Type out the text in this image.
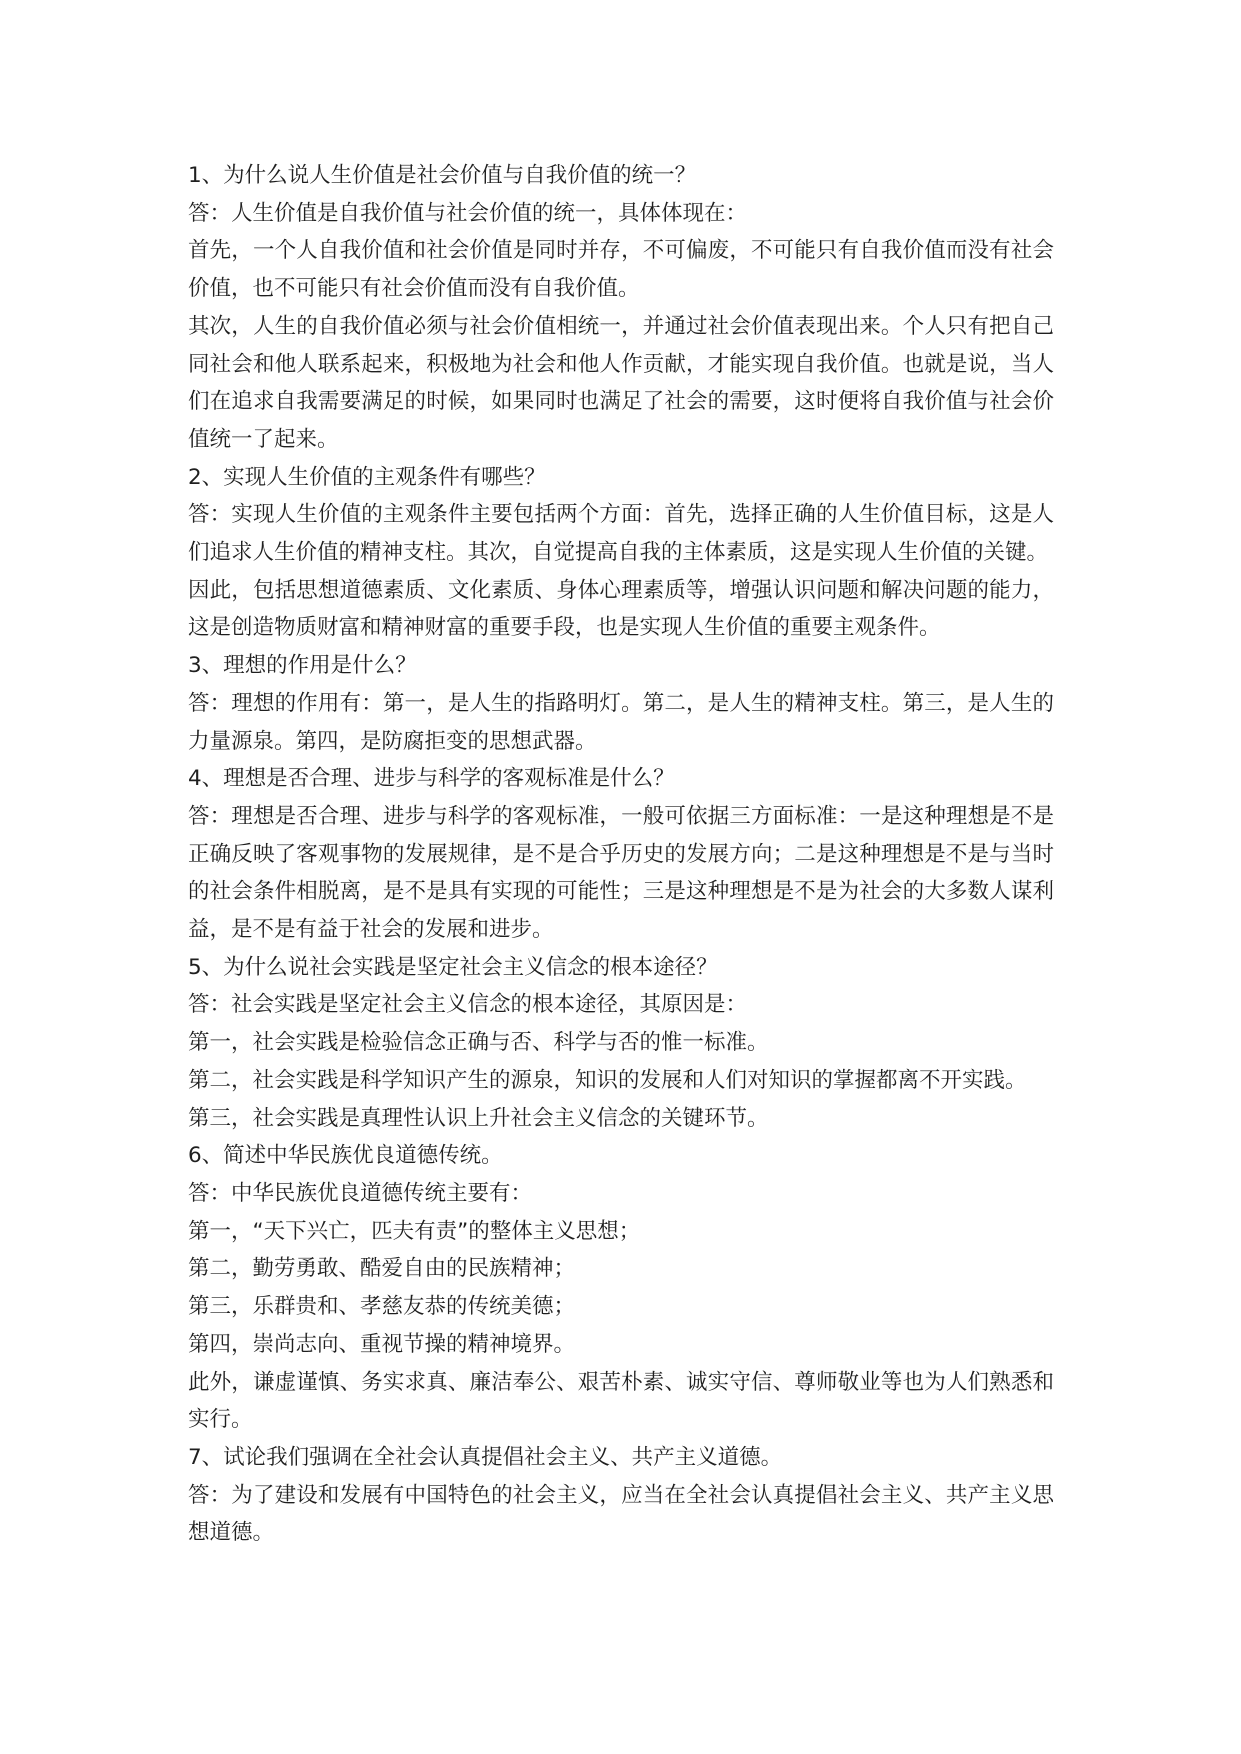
1、为什么说人生价值是社会价值与自我价值的统一？

答：人生价值是自我价值与社会价值的统一，具体体现在：

首先，一个人自我价值和社会价值是同时并存，不可偏废，不可能只有自我价值而没有社会价值，也不可能只有社会价值而没有自我价值。

其次，人生的自我价值必须与社会价值相统一，并通过社会价值表现出来。个人只有把自己同社会和他人联系起来，积极地为社会和他人作贡献，才能实现自我价值。也就是说，当人们在追求自我需要满足的时候，如果同时也满足了社会的需要，这时便将自我价值与社会价值统一了起来。

2、实现人生价值的主观条件有哪些？

答：实现人生价值的主观条件主要包括两个方面：首先，选择正确的人生价值目标，这是人们追求人生价值的精神支柱。其次，自觉提高自我的主体素质，这是实现人生价值的关键。

因此，包括思想道德素质、文化素质、身体心理素质等，增强认识问题和解决问题的能力，这是创造物质财富和精神财富的重要手段，也是实现人生价值的重要主观条件。

3、理想的作用是什么？

答：理想的作用有：第一，是人生的指路明灯。第二，是人生的精神支柱。第三，是人生的力量源泉。第四，是防腐拒变的思想武器。

4、理想是否合理、进步与科学的客观标准是什么？

答：理想是否合理、进步与科学的客观标准，一般可依据三方面标准：一是这种理想是不是正确反映了客观事物的发展规律，是不是合乎历史的发展方向；二是这种理想是不是与当时的社会条件相脱离，是不是具有实现的可能性；三是这种理想是不是为社会的大多数人谋利益，是不是有益于社会的发展和进步。

5、为什么说社会实践是坚定社会主义信念的根本途径？

答：社会实践是坚定社会主义信念的根本途径，其原因是：

第一，社会实践是检验信念正确与否、科学与否的惟一标准。

第二，社会实践是科学知识产生的源泉，知识的发展和人们对知识的掌握都离不开实践。

第三，社会实践是真理性认识上升社会主义信念的关键环节。

6、简述中华民族优良道德传统。

答：中华民族优良道德传统主要有：

第一，“天下兴亡，匹夫有责”的整体主义思想；

第二，勤劳勇敢、酷爱自由的民族精神；

第三，乐群贵和、孝慈友恭的传统美德；

第四，崇尚志向、重视节操的精神境界。

此外，谦虚谨慎、务实求真、廉洁奉公、艰苦朴素、诚实守信、尊师敬业等也为人们熟悉和实行。

7、试论我们强调在全社会认真提倡社会主义、共产主义道德。

答：为了建设和发展有中国特色的社会主义，应当在全社会认真提倡社会主义、共产主义思想道德。
